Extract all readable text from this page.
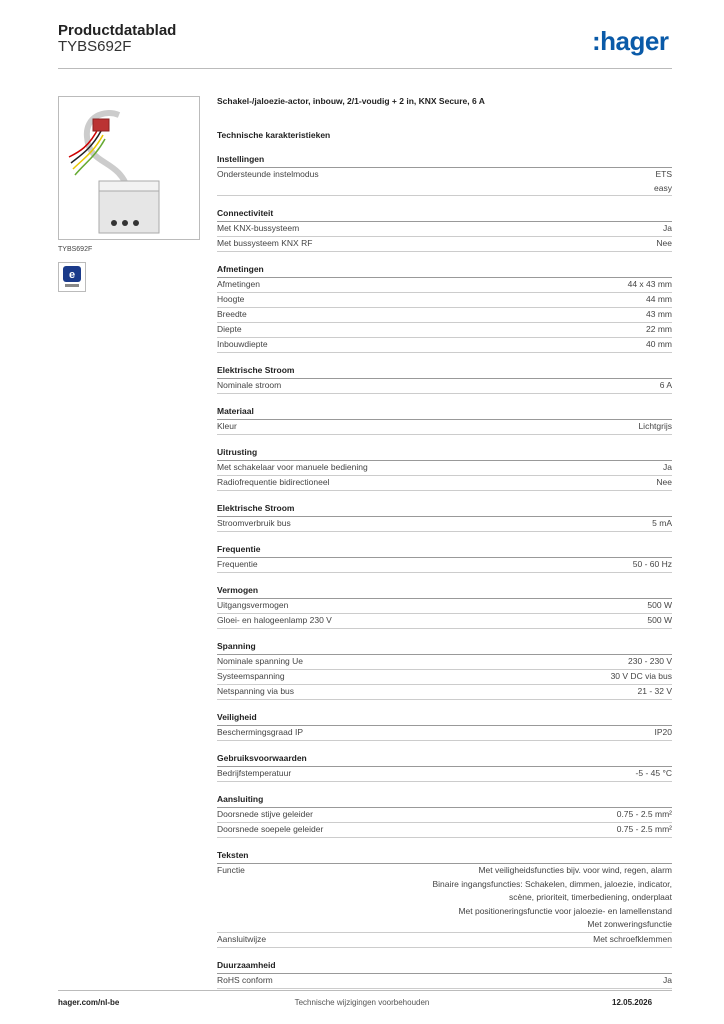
Productdatablad
TYBS692F	:hager
TYBS692F
e
Schakel-/jaloezie-actor, inbouw, 2/1-voudig + 2 in, KNX Secure, 6 A
Technische karakteristieken
Instellingen
Ondersteunde instelmodus	ETS
easy
Connectiviteit
Met KNX-bussysteem	Ja
Met bussysteem KNX RF	Nee
Afmetingen
Afmetingen	44 x 43 mm
Hoogte	44 mm
Breedte	43 mm
Diepte	22 mm
Inbouwdiepte	40 mm
Elektrische Stroom
Nominale stroom	6 A
Materiaal
Kleur	Lichtgrijs
Uitrusting
Met schakelaar voor manuele bediening	Ja
Radiofrequentie bidirectioneel	Nee
Elektrische Stroom
Stroomverbruik bus	5 mA
Frequentie
Frequentie	50 - 60 Hz
Vermogen
Uitgangsvermogen	500 W
Gloei- en halogeenlamp 230 V	500 W
Spanning
Nominale spanning Ue	230 - 230 V
Systeemspanning	30 V DC via bus
Netspanning via bus	21 - 32 V
Veiligheid
Beschermingsgraad IP	IP20
Gebruiksvoorwaarden
Bedrijfstemperatuur	-5 - 45 °C
Aansluiting
Doorsnede stijve geleider	0.75 - 2.5 mm²
Doorsnede soepele geleider	0.75 - 2.5 mm²
Teksten
Functie	Met veiligheidsfuncties bijv. voor wind, regen, alarm
Binaire ingangsfuncties: Schakelen, dimmen, jaloezie, indicator,
scène, prioriteit, timerbediening, onderplaat
Met positioneringsfunctie voor jaloezie- en lamellenstand
Met zonweringsfunctie
Aansluitwijze	Met schroefklemmen
Duurzaamheid
RoHS conform	Ja
hager.com/nl-be	Technische wijzigingen voorbehouden	12.05.2026
